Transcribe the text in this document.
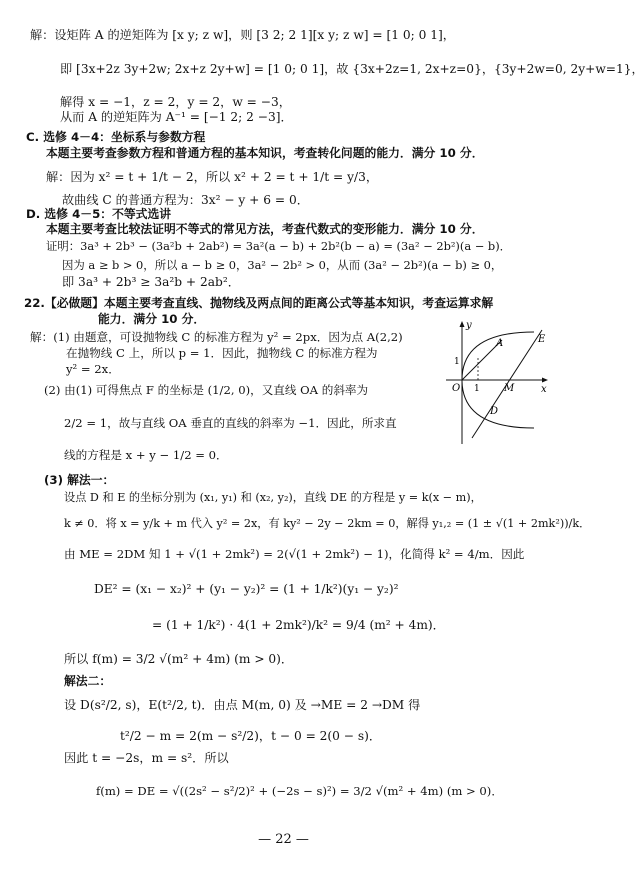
解：设矩阵 A 的逆矩阵为 [x y; z w]，则 [3 2; 2 1][x y; z w] = [1 0; 0 1]，
即 [3x+2z 3y+2w; 2x+z 2y+w] = [1 0; 0 1]，故 {3x+2z=1, 2x+z=0}，{3y+2w=0, 2y+w=1}，
解得 x = −1，z = 2，y = 2，w = −3，
从而 A 的逆矩阵为 A⁻¹ = [−1 2; 2 −3]．
C. 选修 4－4：坐标系与参数方程
本题主要考查参数方程和普通方程的基本知识，考查转化问题的能力．满分 10 分．
解：因为 x² = t + 1/t − 2，所以 x² + 2 = t + 1/t = y/3，
故曲线 C 的普通方程为：3x² − y + 6 = 0．
D. 选修 4－5：不等式选讲
本题主要考查比较法证明不等式的常见方法，考查代数式的变形能力．满分 10 分．
证明：3a³ + 2b³ − (3a²b + 2ab²) = 3a²(a − b) + 2b²(b − a) = (3a² − 2b²)(a − b)．
因为 a ≥ b > 0，所以 a − b ≥ 0，3a² − 2b² > 0，从而 (3a² − 2b²)(a − b) ≥ 0，
即 3a³ + 2b³ ≥ 3a²b + 2ab²．
22.【必做题】本题主要考查直线、抛物线及两点间的距离公式等基本知识，考查运算求解
能力．满分 10 分．
解：(1) 由题意，可设抛物线 C 的标准方程为 y² = 2px．因为点 A(2,2)
在抛物线 C 上，所以 p = 1．因此，抛物线 C 的标准方程为
y² = 2x．
(2) 由(1) 可得焦点 F 的坐标是 (1/2, 0)，又直线 OA 的斜率为
2/2 = 1，故与直线 OA 垂直的直线的斜率为 −1．因此，所求直
线的方程是 x + y − 1/2 = 0．
y
x
O
1
1
A	E
M
D
(3) 解法一：
设点 D 和 E 的坐标分别为 (x₁, y₁) 和 (x₂, y₂)，直线 DE 的方程是 y = k(x − m)，
k ≠ 0．将 x = y/k + m 代入 y² = 2x，有 ky² − 2y − 2km = 0，解得 y₁,₂ = (1 ± √(1 + 2mk²))/k．
由 ME = 2DM 知 1 + √(1 + 2mk²) = 2(√(1 + 2mk²) − 1)，化简得 k² = 4/m．因此
DE² = (x₁ − x₂)² + (y₁ − y₂)² = (1 + 1/k²)(y₁ − y₂)²
= (1 + 1/k²) · 4(1 + 2mk²)/k² = 9/4 (m² + 4m)．
所以 f(m) = 3/2 √(m² + 4m) (m > 0)．
解法二：
设 D(s²/2, s)，E(t²/2, t)．由点 M(m, 0) 及 →ME = 2 →DM 得
t²/2 − m = 2(m − s²/2)，t − 0 = 2(0 − s)．
因此 t = −2s，m = s²．所以
f(m) = DE = √((2s² − s²/2)² + (−2s − s)²) = 3/2 √(m² + 4m) (m > 0)．
— 22 —
